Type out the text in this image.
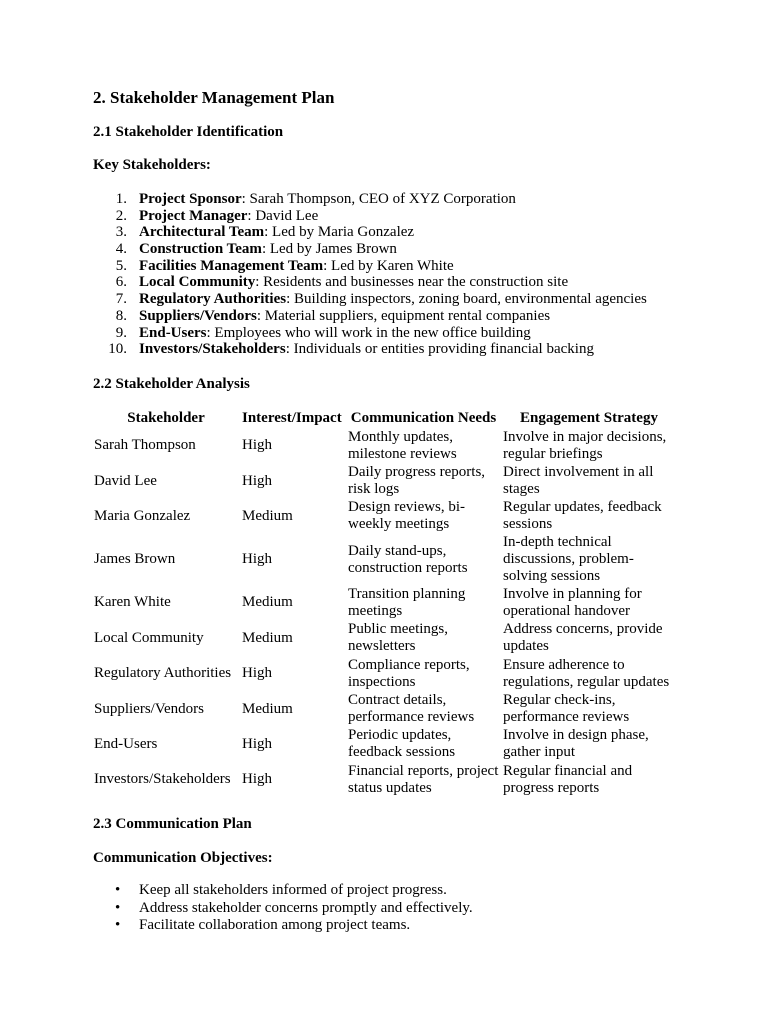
2. Stakeholder Management Plan
2.1 Stakeholder Identification
Key Stakeholders:
1. Project Sponsor: Sarah Thompson, CEO of XYZ Corporation
2. Project Manager: David Lee
3. Architectural Team: Led by Maria Gonzalez
4. Construction Team: Led by James Brown
5. Facilities Management Team: Led by Karen White
6. Local Community: Residents and businesses near the construction site
7. Regulatory Authorities: Building inspectors, zoning board, environmental agencies
8. Suppliers/Vendors: Material suppliers, equipment rental companies
9. End-Users: Employees who will work in the new office building
10. Investors/Stakeholders: Individuals or entities providing financial backing
2.2 Stakeholder Analysis
Stakeholder	Interest/Impact	Communication Needs	Engagement Strategy
Sarah Thompson	High	Monthly updates, milestone reviews	Involve in major decisions, regular briefings
David Lee	High	Daily progress reports, risk logs	Direct involvement in all stages
Maria Gonzalez	Medium	Design reviews, bi-weekly meetings	Regular updates, feedback sessions
James Brown	High	Daily stand-ups, construction reports	In-depth technical discussions, problem-solving sessions
Karen White	Medium	Transition planning meetings	Involve in planning for operational handover
Local Community	Medium	Public meetings, newsletters	Address concerns, provide updates
Regulatory Authorities	High	Compliance reports, inspections	Ensure adherence to regulations, regular updates
Suppliers/Vendors	Medium	Contract details, performance reviews	Regular check-ins, performance reviews
End-Users	High	Periodic updates, feedback sessions	Involve in design phase, gather input
Investors/Stakeholders	High	Financial reports, project status updates	Regular financial and progress reports
2.3 Communication Plan
Communication Objectives:
• Keep all stakeholders informed of project progress.
• Address stakeholder concerns promptly and effectively.
• Facilitate collaboration among project teams.
